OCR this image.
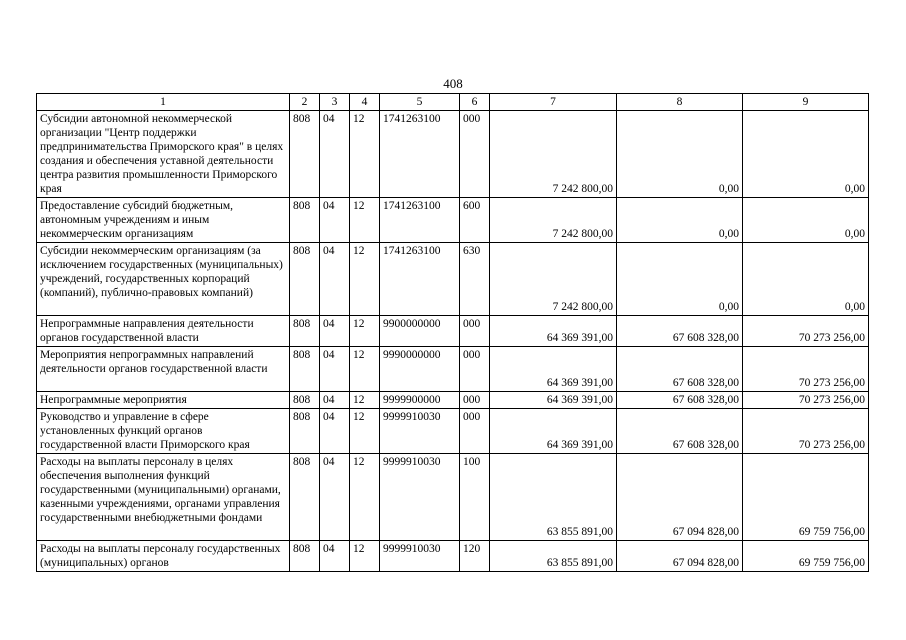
408
1	2	3	4	5	6	7	8	9
Субсидии автономной некоммерческой организации "Центр поддержки предпринимательства Приморского края" в целях создания и обеспечения уставной деятельности центра развития промышленности Приморского края	808	04	12	1741263100	000	7 242 800,00	0,00	0,00
Предоставление субсидий бюджетным, автономным учреждениям и иным некоммерческим организациям	808	04	12	1741263100	600	7 242 800,00	0,00	0,00
Субсидии некоммерческим организациям (за исключением государственных (муниципальных) учреждений, государственных корпораций (компаний), публично-правовых компаний)	808	04	12	1741263100	630	7 242 800,00	0,00	0,00
Непрограммные направления деятельности органов государственной власти	808	04	12	9900000000	000	64 369 391,00	67 608 328,00	70 273 256,00
Мероприятия непрограммных направлений деятельности органов государственной власти	808	04	12	9990000000	000	64 369 391,00	67 608 328,00	70 273 256,00
Непрограммные мероприятия	808	04	12	9999900000	000	64 369 391,00	67 608 328,00	70 273 256,00
Руководство и управление в сфере установленных функций органов государственной власти Приморского края	808	04	12	9999910030	000	64 369 391,00	67 608 328,00	70 273 256,00
Расходы на выплаты персоналу в целях обеспечения выполнения функций государственными (муниципальными) органами, казенными учреждениями, органами управления государственными внебюджетными фондами	808	04	12	9999910030	100	63 855 891,00	67 094 828,00	69 759 756,00
Расходы на выплаты персоналу государственных (муниципальных) органов	808	04	12	9999910030	120	63 855 891,00	67 094 828,00	69 759 756,00
